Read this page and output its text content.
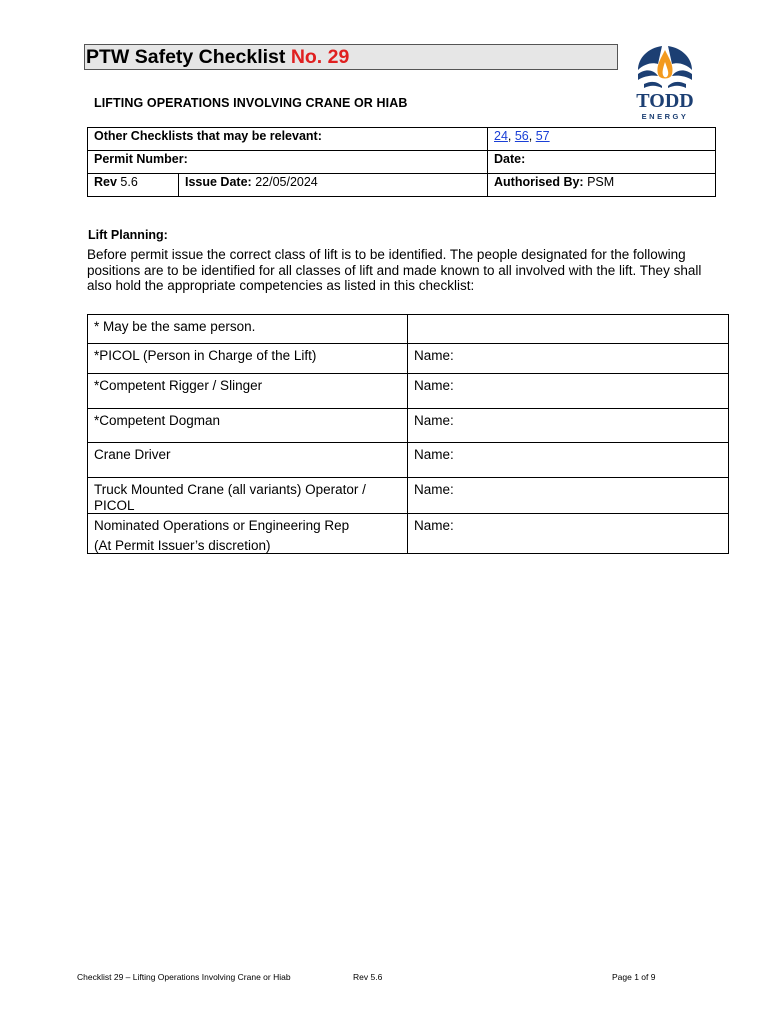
PTW Safety Checklist No. 29
LIFTING OPERATIONS INVOLVING CRANE OR HIAB	TODD
ENERGY
Other Checklists that may be relevant:		24, 56, 57
Permit Number:		Date:
Rev 5.6	Issue Date: 22/05/2024	Authorised By: PSM
Lift Planning:
Before permit issue the correct class of lift is to be identified. The people designated for the following positions are to be identified for all classes of lift and made known to all involved with the lift. They shall also hold the appropriate competencies as listed in this checklist:
* May be the same person.	
*PICOL (Person in Charge of the Lift)	Name:
*Competent Rigger / Slinger	Name:
*Competent Dogman	Name:
Crane Driver	Name:
Truck Mounted Crane (all variants) Operator / PICOL	Name:
Nominated Operations or Engineering Rep
(At Permit Issuer’s discretion)	Name:
Checklist 29 – Lifting Operations Involving Crane or Hiab	Rev 5.6	Page 1 of 9
